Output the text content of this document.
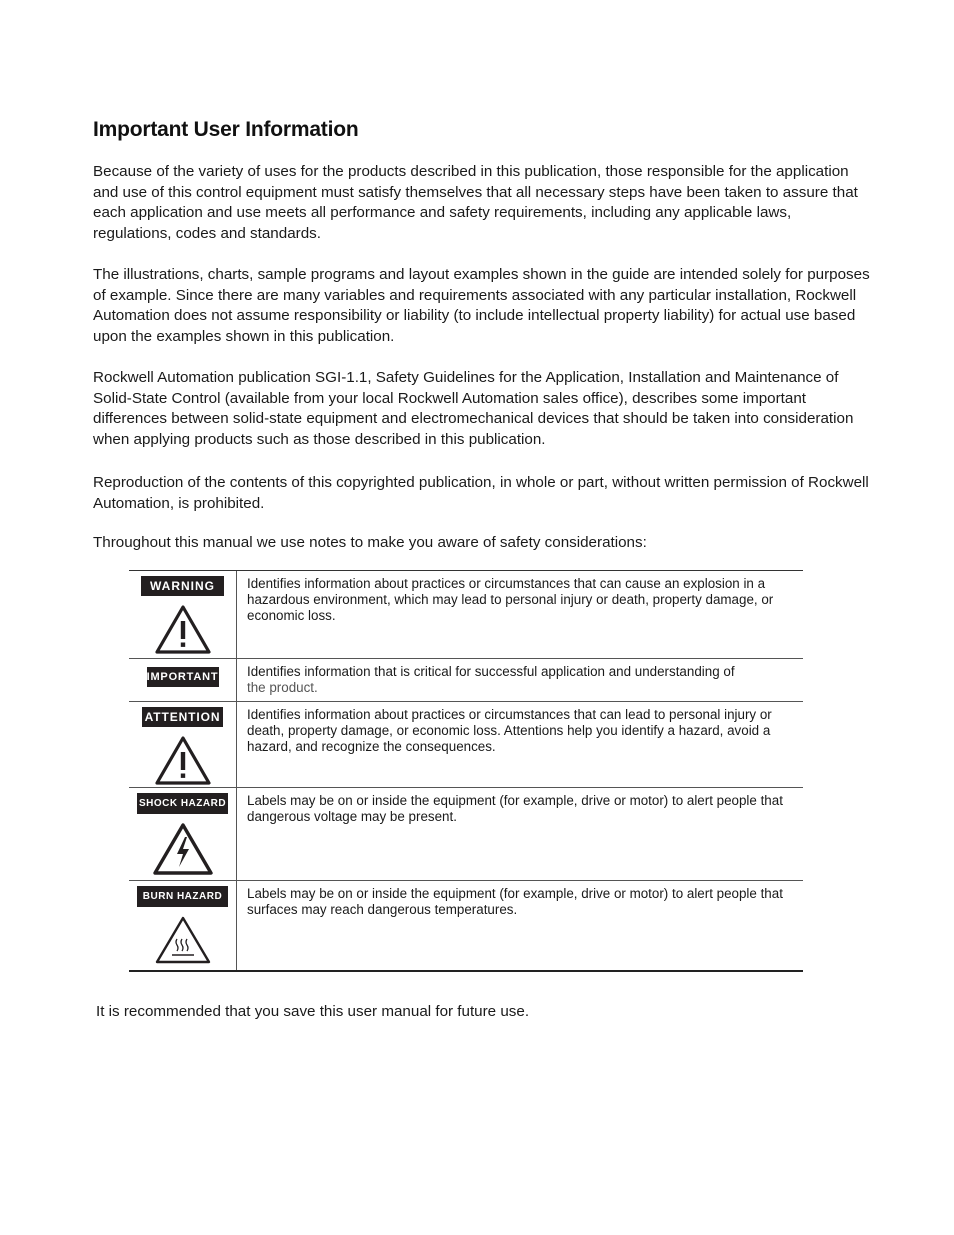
Important User Information

Because of the variety of uses for the products described in this publication, those responsible for the application and use of this control equipment must satisfy themselves that all necessary steps have been taken to assure that each application and use meets all performance and safety requirements, including any applicable laws, regulations, codes and standards.

The illustrations, charts, sample programs and layout examples shown in the guide are intended solely for purposes of example. Since there are many variables and requirements associated with any particular installation, Rockwell Automation does not assume responsibility or liability (to include intellectual property liability) for actual use based upon the examples shown in this publication.

Rockwell Automation publication SGI-1.1, Safety Guidelines for the Application, Installation and Maintenance of Solid-State Control (available from your local Rockwell Automation sales office), describes some important differences between solid-state equipment and electromechanical devices that should be taken into consideration when applying products such as those described in this publication.

Reproduction of the contents of this copyrighted publication, in whole or part, without written permission of Rockwell Automation, is prohibited.

Throughout this manual we use notes to make you aware of safety considerations:

WARNING	Identifies information about practices or circumstances that can cause an explosion in a hazardous environment, which may lead to personal injury or death, property damage, or economic loss.
IMPORTANT	Identifies information that is critical for successful application and understanding of
the product.
ATTENTION	Identifies information about practices or circumstances that can lead to personal injury or death, property damage, or economic loss. Attentions help you identify a hazard, avoid a hazard, and recognize the consequences.
SHOCK HAZARD	Labels may be on or inside the equipment (for example, drive or motor) to alert people that dangerous voltage may be present.
BURN HAZARD	Labels may be on or inside the equipment (for example, drive or motor) to alert people that surfaces may reach dangerous temperatures.

It is recommended that you save this user manual for future use.
